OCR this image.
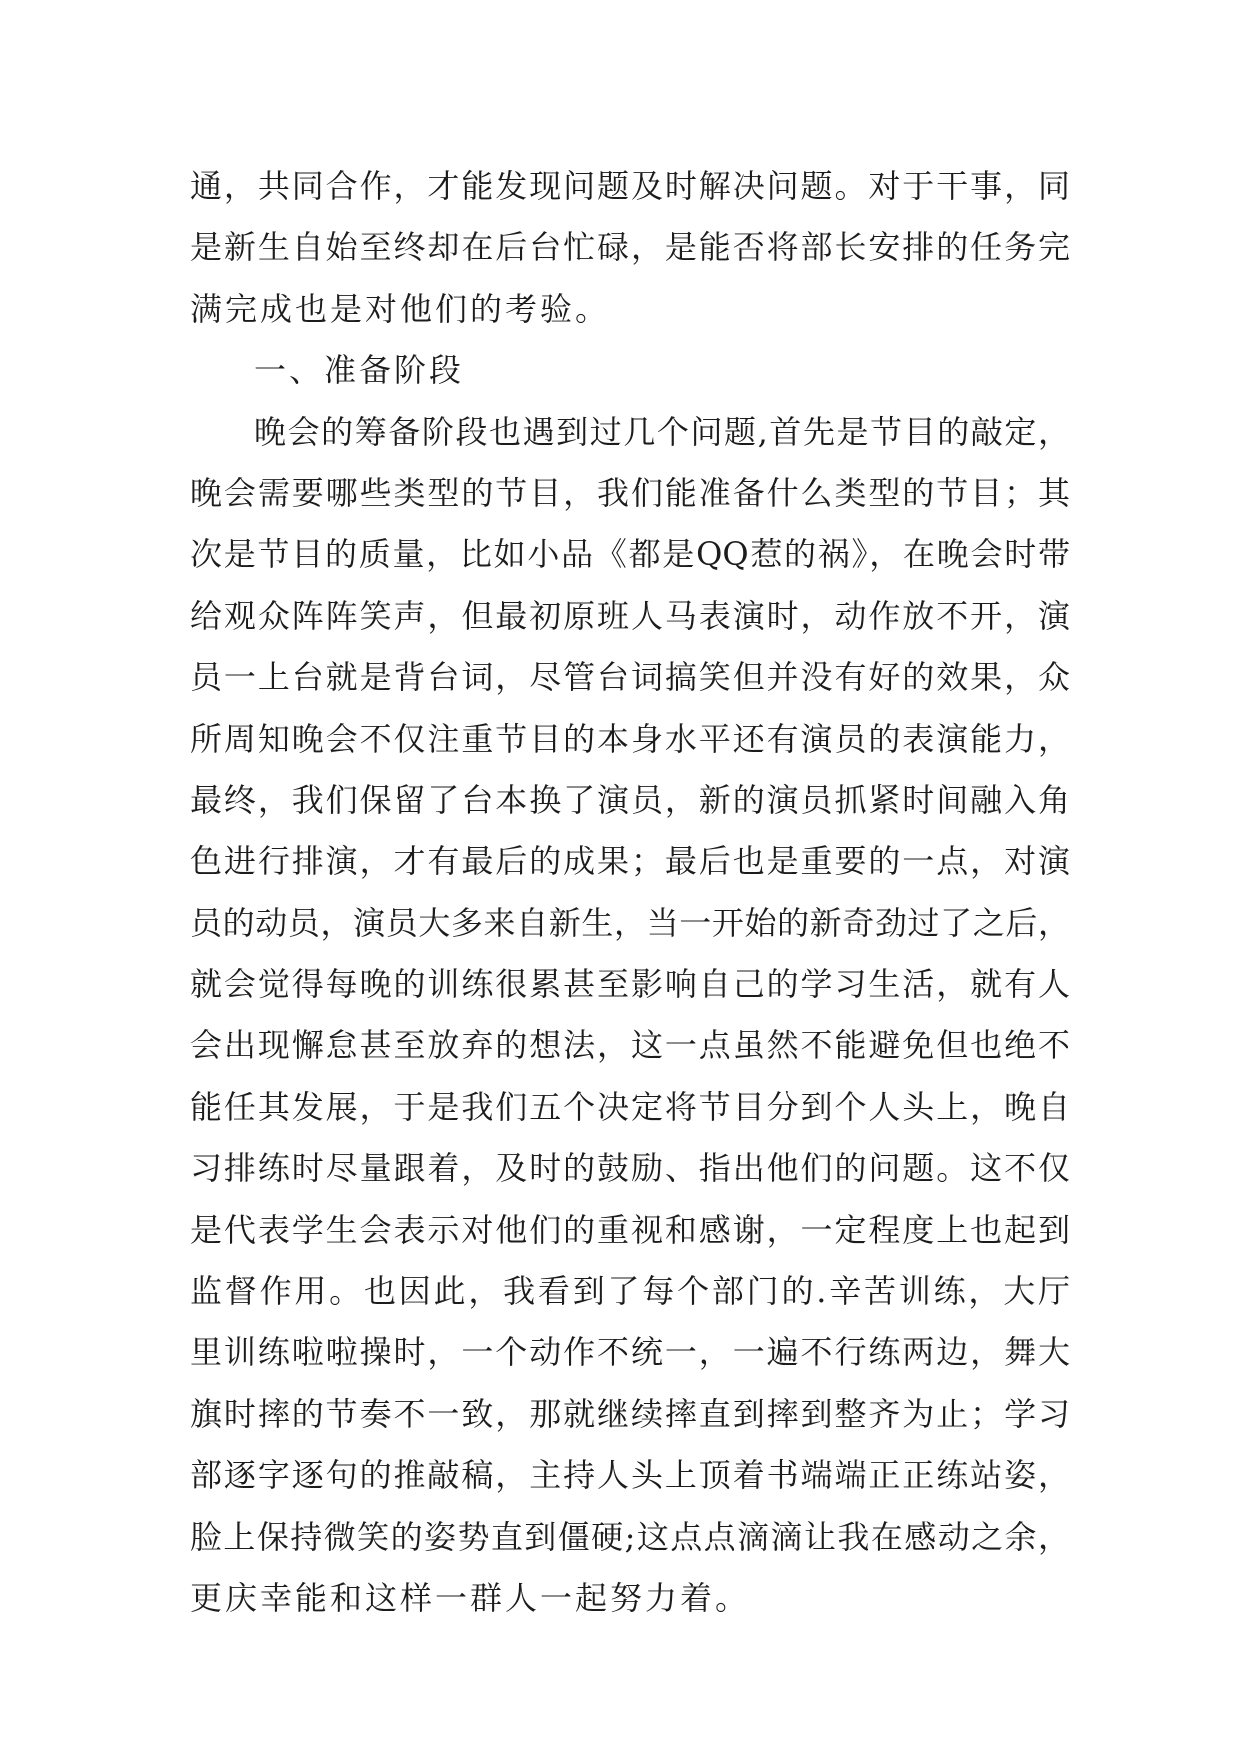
通，共同合作，才能发现问题及时解决问题。对于干事，同
是新生自始至终却在后台忙碌，是能否将部长安排的任务完
满完成也是对他们的考验。
一、准备阶段
晚会的筹备阶段也遇到过几个问题,首先是节目的敲定，
晚会需要哪些类型的节目，我们能准备什么类型的节目；其
次是节目的质量，比如小品《都是QQ惹的祸》，在晚会时带
给观众阵阵笑声，但最初原班人马表演时，动作放不开，演
员一上台就是背台词，尽管台词搞笑但并没有好的效果，众
所周知晚会不仅注重节目的本身水平还有演员的表演能力，
最终，我们保留了台本换了演员，新的演员抓紧时间融入角
色进行排演，才有最后的成果；最后也是重要的一点，对演
员的动员，演员大多来自新生，当一开始的新奇劲过了之后，
就会觉得每晚的训练很累甚至影响自己的学习生活，就有人
会出现懈怠甚至放弃的想法，这一点虽然不能避免但也绝不
能任其发展，于是我们五个决定将节目分到个人头上，晚自
习排练时尽量跟着，及时的鼓励、指出他们的问题。这不仅
是代表学生会表示对他们的重视和感谢，一定程度上也起到
监督作用。也因此，我看到了每个部门的.辛苦训练，大厅
里训练啦啦操时，一个动作不统一，一遍不行练两边，舞大
旗时摔的节奏不一致，那就继续摔直到摔到整齐为止；学习
部逐字逐句的推敲稿，主持人头上顶着书端端正正练站姿，
脸上保持微笑的姿势直到僵硬;这点点滴滴让我在感动之余，
更庆幸能和这样一群人一起努力着。
